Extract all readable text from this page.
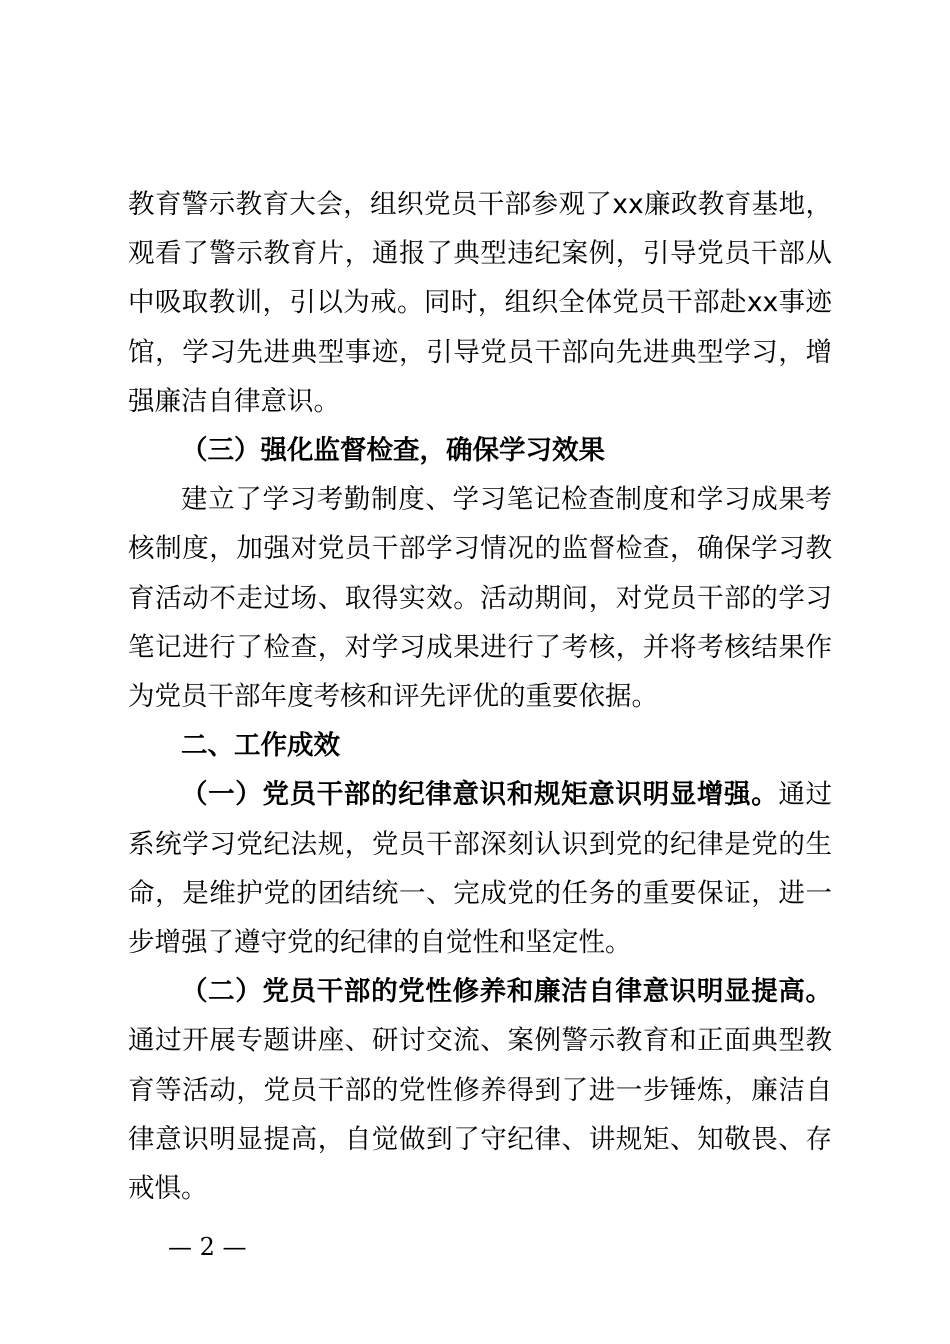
教育警示教育大会，组织党员干部参观了xx廉政教育基地，观看了警示教育片，通报了典型违纪案例，引导党员干部从中吸取教训，引以为戒。同时，组织全体党员干部赴xx事迹馆，学习先进典型事迹，引导党员干部向先进典型学习，增强廉洁自律意识。

（三）强化监督检查，确保学习效果

建立了学习考勤制度、学习笔记检查制度和学习成果考核制度，加强对党员干部学习情况的监督检查，确保学习教育活动不走过场、取得实效。活动期间，对党员干部的学习笔记进行了检查，对学习成果进行了考核，并将考核结果作为党员干部年度考核和评先评优的重要依据。

二、工作成效

（一）党员干部的纪律意识和规矩意识明显增强。通过系统学习党纪法规，党员干部深刻认识到党的纪律是党的生命，是维护党的团结统一、完成党的任务的重要保证，进一步增强了遵守党的纪律的自觉性和坚定性。

（二）党员干部的党性修养和廉洁自律意识明显提高。通过开展专题讲座、研讨交流、案例警示教育和正面典型教育等活动，党员干部的党性修养得到了进一步锤炼，廉洁自律意识明显提高，自觉做到了守纪律、讲规矩、知敬畏、存戒惧。

— 2 —
